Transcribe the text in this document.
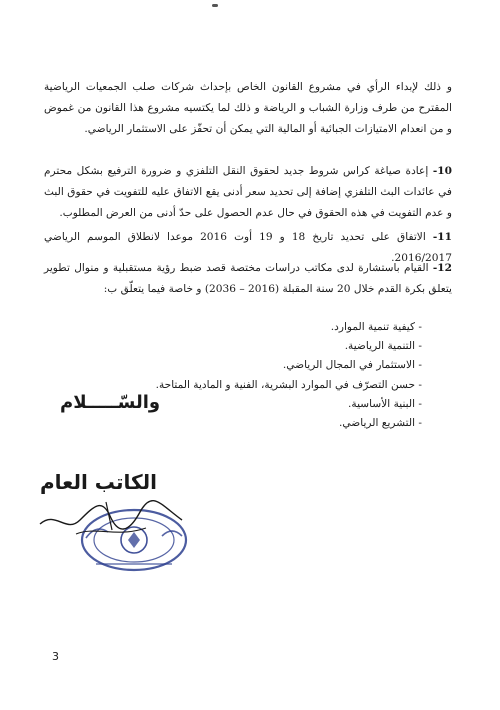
و ذلك لإبداء الرأي في مشروع القانون الخاص بإحداث شركات صلب الجمعيات الرياضية المقترح من طرف وزارة الشباب و الرياضة و ذلك لما يكتسيه مشروع هذا القانون من غموض و من انعدام الامتيازات الجبائية أو المالية التي يمكن أن تحفّز على الاستثمار الرياضي.

10- إعادة صياغة كراس شروط جديد لحقوق النقل التلفزي و ضرورة الترفيع بشكل محترم في عائدات البث التلفزي إضافة إلى تحديد سعر أدنى يقع الاتفاق عليه للتفويت في حقوق البث و عدم التفويت في هذه الحقوق في حال عدم الحصول على حدّ أدنى من العرض المطلوب.

11- الاتفاق على تحديد تاريخ 18 و 19 أوت 2016 موعدا لانطلاق الموسم الرياضي 2016/2017.

12- القيام باستشارة لدى مكاتب دراسات مختصة قصد ضبط رؤية مستقبلية و منوال تطوير يتعلق بكرة القدم خلال 20 سنة المقبلة (2016 – 2036) و خاصة فيما يتعلّق ب:

- كيفية تنمية الموارد.
- التنمية الرياضية.
- الاستثمار في المجال الرياضي.
- حسن التصرّف في الموارد البشرية، الفنية و المادية المتاحة.
- البنية الأساسية.
- التشريع الرياضي.
والسّـــــلام
الكاتب العام
3
